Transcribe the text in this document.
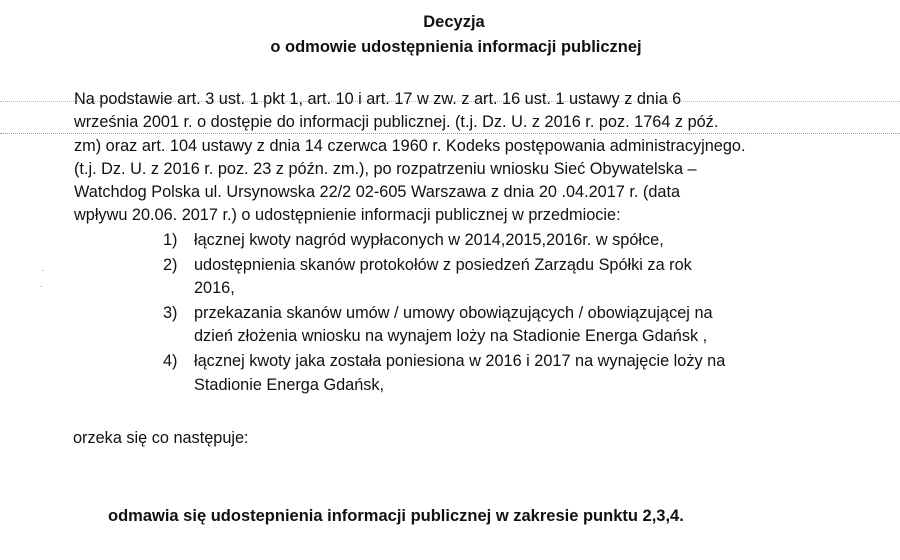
Decyzja
o odmowie udostępnienia informacji publicznej
Na podstawie art. 3 ust. 1 pkt 1, art. 10 i art. 17 w zw. z art. 16 ust. 1 ustawy z dnia 6
września 2001 r. o dostępie do informacji publicznej. (t.j. Dz. U. z 2016 r. poz. 1764 z póź.
zm) oraz art. 104 ustawy z dnia 14 czerwca 1960 r. Kodeks postępowania administracyjnego.
(t.j. Dz. U. z 2016 r. poz. 23 z późn. zm.), po rozpatrzeniu wniosku Sieć Obywatelska –
Watchdog Polska ul. Ursynowska 22/2 02-605 Warszawa z dnia 20 .04.2017 r. (data
wpływu 20.06. 2017 r.) o udostępnienie informacji publicznej w przedmiocie:
1) łącznej kwoty nagród wypłaconych w 2014,2015,2016r. w spółce,
2) udostępnienia skanów protokołów z posiedzeń Zarządu Spółki za rok
2016,
3) przekazania skanów umów / umowy obowiązujących / obowiązującej na
dzień złożenia wniosku na wynajem loży na Stadionie Energa Gdańsk ,
4) łącznej kwoty jaka została poniesiona w 2016 i 2017 na wynajęcie loży na
Stadionie Energa Gdańsk,
orzeka się co następuje:
odmawia się udostepnienia informacji publicznej w zakresie punktu 2,3,4.
